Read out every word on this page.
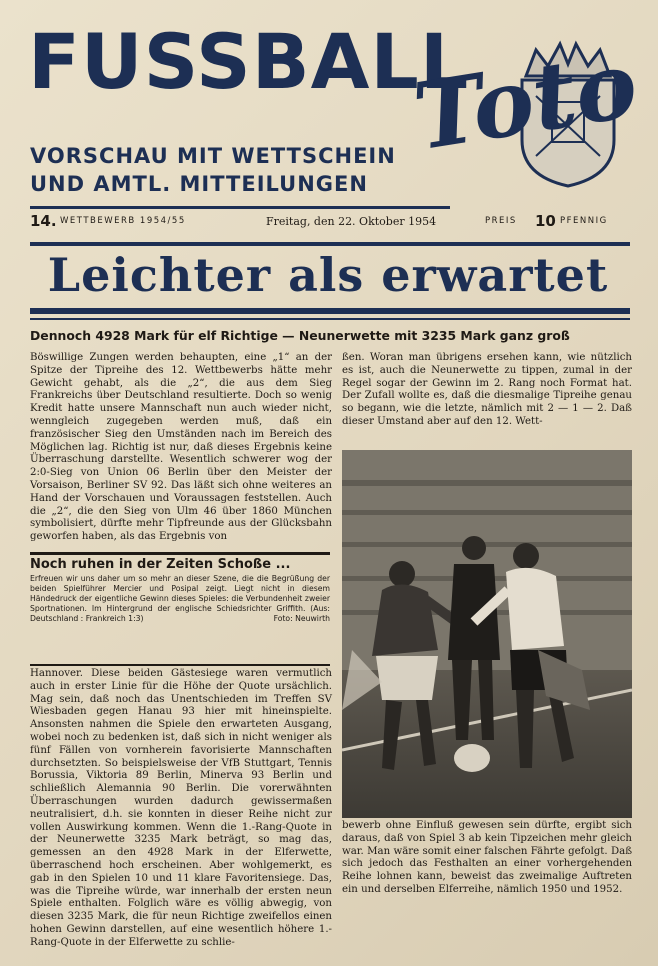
FUSSBALL
Toto
VORSCHAU MIT WETTSCHEIN
UND AMTL. MITTEILUNGEN
14. WETTBEWERB 1954/55	Freitag, den 22. Oktober 1954	PREIS 10 PFENNIG
Leichter als erwartet
Dennoch 4928 Mark für elf Richtige — Neunerwette mit 3235 Mark ganz groß

Böswillige Zungen werden behaupten, eine „1“ an der Spitze der Tipreihe des 12. Wettbewerbs hätte mehr Gewicht gehabt, als die „2“, die aus dem Sieg Frankreichs über Deutschland resultierte. Doch so wenig Kredit hatte unsere Mannschaft nun auch wieder nicht, wenngleich zugegeben werden muß, daß ein französischer Sieg den Umständen nach im Bereich des Möglichen lag. Richtig ist nur, daß dieses Ergebnis keine Überraschung darstellte. Wesentlich schwerer wog der 2:0-Sieg von Union 06 Berlin über den Meister der Vorsaison, Berliner SV 92. Das läßt sich ohne weiteres an Hand der Vorschauen und Voraussagen feststellen. Auch die „2“, die den Sieg von Ulm 46 über 1860 München symbolisiert, dürfte mehr Tipfreunde aus der Glücksbahn geworfen haben, als das Ergebnis von

ßen. Woran man übrigens ersehen kann, wie nützlich es ist, auch die Neunerwette zu tippen, zumal in der Regel sogar der Gewinn im 2. Rang noch Format hat. Der Zufall wollte es, daß die diesmalige Tipreihe genau so begann, wie die letzte, nämlich mit 2 — 1 — 2. Daß dieser Umstand aber auf den 12. Wett-

Noch ruhen in der Zeiten Schoße ...
Erfreuen wir uns daher um so mehr an dieser Szene, die die Begrüßung der beiden Spielführer Mercier und Posipal zeigt. Liegt nicht in diesem Händedruck der eigentliche Gewinn dieses Spieles: die Verbundenheit zweier Sportnationen. Im Hintergrund der englische Schiedsrichter Griffith. (Aus: Deutschland : Frankreich 1:3)	Foto: Neuwirth

Hannover. Diese beiden Gästesiege waren vermutlich auch in erster Linie für die Höhe der Quote ursächlich. Mag sein, daß noch das Unentschieden im Treffen SV Wiesbaden gegen Hanau 93 hier mit hineinspielte. Ansonsten nahmen die Spiele den erwarteten Ausgang, wobei noch zu bedenken ist, daß sich in nicht weniger als fünf Fällen von vornherein favorisierte Mannschaften durchsetzten. So beispielsweise der VfB Stuttgart, Tennis Borussia, Viktoria 89 Berlin, Minerva 93 Berlin und schließlich Alemannia 90 Berlin. Die vorerwähnten Überraschungen wurden dadurch gewissermaßen neutralisiert, d.h. sie konnten in dieser Reihe nicht zur vollen Auswirkung kommen. Wenn die 1.-Rang-Quote in der Neunerwette 3235 Mark beträgt, so mag das, gemessen an den 4928 Mark in der Elferwette, überraschend hoch erscheinen. Aber wohlgemerkt, es gab in den Spielen 10 und 11 klare Favoritensiege. Das, was die Tipreihe würde, war innerhalb der ersten neun Spiele enthalten. Folglich wäre es völlig abwegig, von diesen 3235 Mark, die für neun Richtige zweifellos einen hohen Gewinn darstellen, auf eine wesentlich höhere 1.-Rang-Quote in der Elferwette zu schlie-

bewerb ohne Einfluß gewesen sein dürfte, ergibt sich daraus, daß von Spiel 3 ab kein Tipzeichen mehr gleich war. Man wäre somit einer falschen Fährte gefolgt. Daß sich jedoch das Festhalten an einer vorhergehenden Reihe lohnen kann, beweist das zweimalige Auftreten ein und derselben Elferreihe, nämlich 1950 und 1952.
